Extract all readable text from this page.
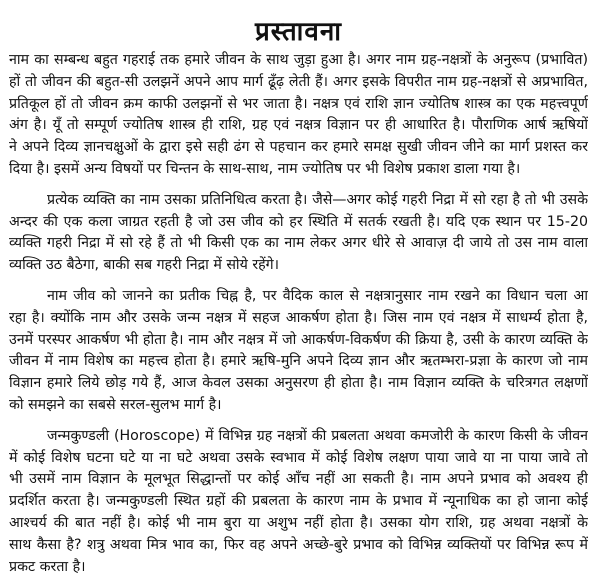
प्रस्तावना
नाम का सम्बन्ध बहुत गहराई तक हमारे जीवन के साथ जुड़ा हुआ है। अगर नाम ग्रह-नक्षत्रों के अनुरूप (प्रभावित)
हों तो जीवन की बहुत-सी उलझनें अपने आप मार्ग ढूँढ़ लेती हैं। अगर इसके विपरीत नाम ग्रह-नक्षत्रों से अप्रभावित,
प्रतिकूल हों तो जीवन क्रम काफी उलझनों से भर जाता है। नक्षत्र एवं राशि ज्ञान ज्योतिष शास्त्र का एक महत्त्वपूर्ण
अंग है। यूँ तो सम्पूर्ण ज्योतिष शास्त्र ही राशि, ग्रह एवं नक्षत्र विज्ञान पर ही आधारित है। पौराणिक आर्ष ऋषियों
ने अपने दिव्य ज्ञानचक्षुओं के द्वारा इसे सही ढंग से पहचान कर हमारे समक्ष सुखी जीवन जीने का मार्ग प्रशस्त कर
दिया है। इसमें अन्य विषयों पर चिन्तन के साथ-साथ, नाम ज्योतिष पर भी विशेष प्रकाश डाला गया है।
प्रत्येक व्यक्ति का नाम उसका प्रतिनिधित्व करता है। जैसे—अगर कोई गहरी निद्रा में सो रहा है तो भी उसके
अन्दर की एक कला जाग्रत रहती है जो उस जीव को हर स्थिति में सतर्क रखती है। यदि एक स्थान पर 15-20
व्यक्ति गहरी निद्रा में सो रहे हैं तो भी किसी एक का नाम लेकर अगर धीरे से आवाज़ दी जाये तो उस नाम वाला
व्यक्ति उठ बैठेगा, बाकी सब गहरी निद्रा में सोये रहेंगे।
नाम जीव को जानने का प्रतीक चिह्न है, पर वैदिक काल से नक्षत्रानुसार नाम रखने का विधान चला आ
रहा है। क्योंकि नाम और उसके जन्म नक्षत्र में सहज आकर्षण होता है। जिस नाम एवं नक्षत्र में साधर्म्य होता है,
उनमें परस्पर आकर्षण भी होता है। नाम और नक्षत्र में जो आकर्षण-विकर्षण की क्रिया है, उसी के कारण व्यक्ति के
जीवन में नाम विशेष का महत्त्व होता है। हमारे ऋषि-मुनि अपने दिव्य ज्ञान और ऋतम्भरा-प्रज्ञा के कारण जो नाम
विज्ञान हमारे लिये छोड़ गये हैं, आज केवल उसका अनुसरण ही होता है। नाम विज्ञान व्यक्ति के चरित्रगत लक्षणों
को समझने का सबसे सरल-सुलभ मार्ग है।
जन्मकुण्डली (Horoscope) में विभिन्न ग्रह नक्षत्रों की प्रबलता अथवा कमजोरी के कारण किसी के जीवन
में कोई विशेष घटना घटे या ना घटे अथवा उसके स्वभाव में कोई विशेष लक्षण पाया जावे या ना पाया जावे तो
भी उसमें नाम विज्ञान के मूलभूत सिद्धान्तों पर कोई आँच नहीं आ सकती है। नाम अपने प्रभाव को अवश्य ही
प्रदर्शित करता है। जन्मकुण्डली स्थित ग्रहों की प्रबलता के कारण नाम के प्रभाव में न्यूनाधिक का हो जाना कोई
आश्चर्य की बात नहीं है। कोई भी नाम बुरा या अशुभ नहीं होता है। उसका योग राशि, ग्रह अथवा नक्षत्रों के
साथ कैसा है? शत्रु अथवा मित्र भाव का, फिर वह अपने अच्छे-बुरे प्रभाव को विभिन्न व्यक्तियों पर विभिन्न रूप में
प्रकट करता है।
